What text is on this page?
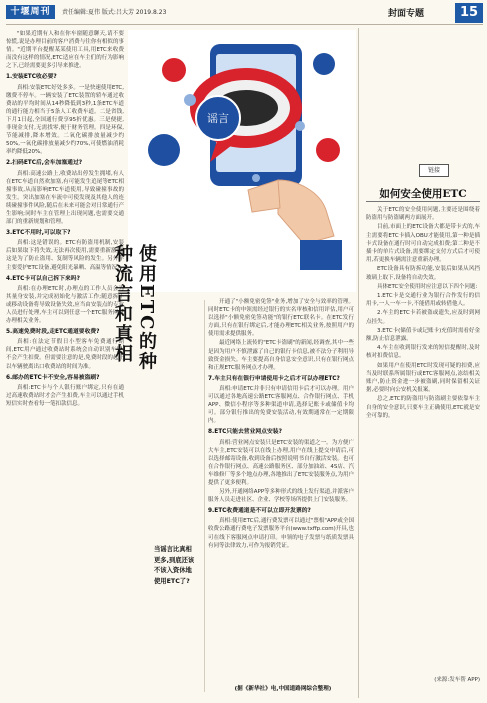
十堰周刊	责任编辑:夏伟 版式:吕大芳 2019.8.23	封面专题	15

"如果近期有人和在你车窗随意聊天,请不要惊慌,说是办理目前的客户消费与往你有相似的事情。"近期平台提醒某某使用工具,用ETC来收费而没有这样的情况,ETC适应在车主们的行为影响之下,已经需要更多引导来推进。

1.安装ETC收必要?

真相:安装ETC好处多多。一是快速使用ETC,缴费不停车。一辆安装了ETC装置的轿车通过收费站的平均时间从14秒降低到3秒,1条ETC车道的通行能力相当于5条人工收费车道。二是省钱,下月1日起,全国通行费享95折优惠。三是便捷,非现金支付,无需找零,便于财务管理。四是环保,节能减排,降本增效。二氧化碳排放量减少约50%,一氧化碳排放量减少约70%,可使燃油消耗率约降低20%。

2.扫码ETC后,会车加塞通过?

真相:高速公路上,收费站出停发生拥堵,有人在ETC车道自然欢加塞,有可能发生追尾等ETC相撞事故,从而影响ETC车道使用,导致碰撞事故的发生。突出加塞在车流中可使发现及其他人的连续碰撞事件风险,随后在未来可能会对日常通行产生影响;同时车主在管理上出现问题,也需要交通部门的重新规划和管理。

3.ETC不用时,可以取下?

真相:这是错误的。ETC有防盗用机制,安装后如果取下将失效,无法再次使用,需要重新激活,这是为了防止盗用、复制等风险的发生。另外车主要爱护ETC设备,避免阳光暴晒、高温等情况。

4.ETC卡可以自己拆下来吗?

真相:在办理ETC时,办理点的工作人员会为其量身安装,并完成初始化与激活工作;随意拆下或移动设备将导致设备失效,应当由安装点的专业人员进行处理,车主可以到任意一个ETC服务网点办理相关业务。

5.高速免费时段,走ETC通道要收费?

真相:在法定节假日小型客车免费通行期间,ETC用户通过收费站时系统会自动识别车型,不会产生扣费。但需要注意的是,免费时段的起止以车辆驶离出口收费站的时间为准。

6.邮办的ETC卡不安全,容易被盗刷?

真相:ETC卡与个人银行账户绑定,只有在通过高速收费站时才会产生扣费,车主可以通过手机短信实时查看每一笔扣款信息。

谣言
使用ETC的种种流言和真相
当谣言比真相更多,到底还该不该入资休地使用ETC了?

开通了"小额免密免签"业务,增加了安全与效率的管理。同时ETC卡的申领需经过银行的实名审核和信用评估,用户可以选择"小额免密免签功能"的银行ETC联名卡。在ETC发行方面,只有在银行绑定后,才能办理ETC相关业务,按照用户的使用需求提供服务。

最近网络上流传的"ETC卡盗刷"的新闻,经调查,其中一些是因为用户不慎泄露了自己的银行卡信息,被不法分子利用导致资金损失。车主要提高自身信息安全意识,只有在银行网点和正规ETC服务网点才办理。

7.车主只有在银行申请使用卡之后才可以办理ETC?

真相:申请ETC并非只有申请信用卡后才可以办理。用户可以通过各地高速公路ETC客服网点、合作银行网点、手机APP、微信小程序等多种渠道申请,选择记账卡或储值卡均可。部分银行推出的免费安装活动,有效期通常在一定期限内。

8.ETC只能去营业网点安装?

真相:营业网点安装只是ETC安装的渠道之一。为方便广大车主,ETC安装可以在线上办理,用户在线上提交申请后,可以选择邮寄设备,收到设备后按照说明书自行激活安装。也可在合作银行网点、高速公路服务区、部分加油站、4S店、汽车维修厂等多个地点办理,各地推出了ETC安装服务点,为用户提供了更多便利。

另外,开通网络APP等多种形式的线上发行渠道,并派客户服务人员走进社区、企业、学校等场所提供上门安装服务。

9.ETC收费通道是不可以立即开发票的?

真相:使用ETC后,通行费发票可以通过"票根"APP或全国收费公路通行费电子发票服务平台(www.txffp.com)开具,也可在线下客服网点申请打印。申领的电子发票与纸质发票具有同等法律效力,可作为报销凭证。

(据《新华社》电,中国道路网综合整理)
链接
如何安全使用ETC

关于ETC的安全使用问题,主要还是围绕着防盗用与防盗刷两方面展开。

目前,市面上的ETC设备大都是带卡式的,车主需要将ETC卡插入OBU才能使用,第一种是插卡式设备在通行时可自动完成扣费;第二种是不插卡的单片式设备,需要绑定支付方式后才可使用,若更换车辆需注意重新办理。

ETC设备具有防拆功能,安装后如果从风挡玻璃上取下,设备将自动失效。

具体ETC安全使用时应注意以下四个问题:

1.ETC卡是交通行业为银行合作发行的信用卡,一人一车一卡,不能借用或转借他人。

2.车主的ETC卡若被盗或遗失,应及时到网点挂失。

3.ETC卡(储值卡或记账卡)充值时需看好金额,防止信息泄露。

4.车主在收到银行发来的短信提醒时,及时核对扣费信息。

如果用户在使用ETC时发现可疑的扣费,应当及时联系所属银行或ETC客服网点,冻结相关账户,防止资金进一步被盗刷,同时保留相关证据,必要时向公安机关报案。

总之,ETC的防盗用与防盗刷主要依靠车主自身的安全意识,只要车主正确使用,ETC就是安全可靠的。

(来源:发车帮 APP)
